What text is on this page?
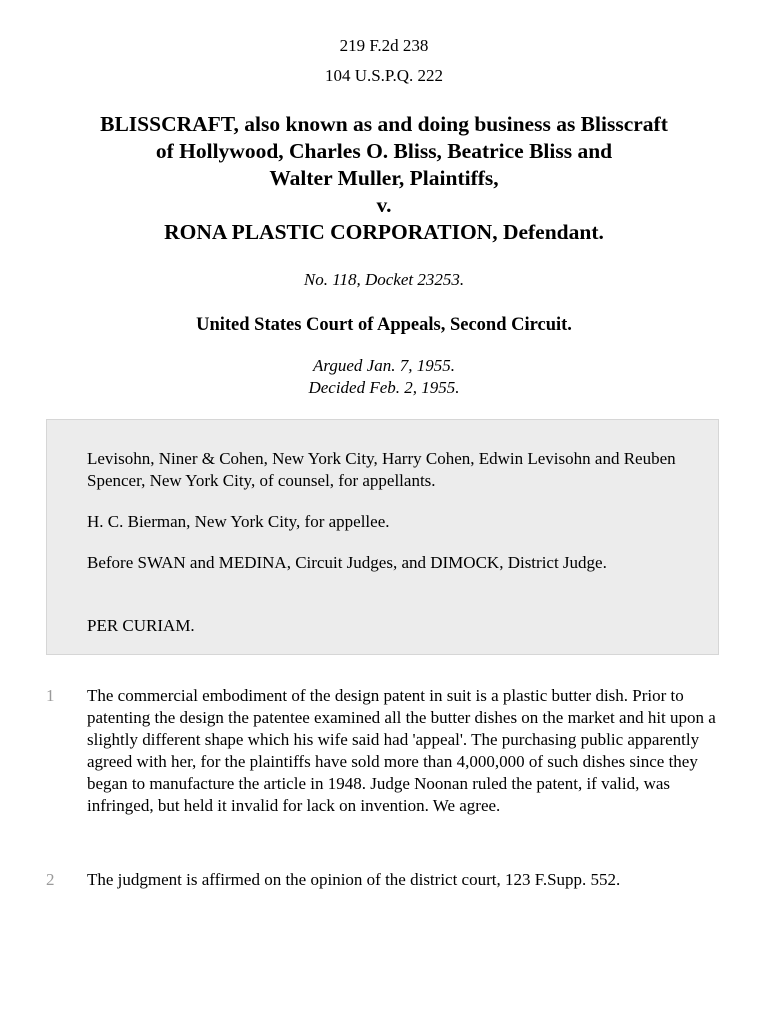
219 F.2d 238

104 U.S.P.Q. 222

BLISSCRAFT, also known as and doing business as Blisscraft
of Hollywood, Charles O. Bliss, Beatrice Bliss and
Walter Muller, Plaintiffs,
v.
RONA PLASTIC CORPORATION, Defendant.
No. 118, Docket 23253.
United States Court of Appeals, Second Circuit.
Argued Jan. 7, 1955.
Decided Feb. 2, 1955.

Levisohn, Niner & Cohen, New York City, Harry Cohen, Edwin Levisohn and Reuben Spencer, New York City, of counsel, for appellants.

H. C. Bierman, New York City, for appellee.

Before SWAN and MEDINA, Circuit Judges, and DIMOCK, District Judge.

PER CURIAM.

1	The commercial embodiment of the design patent in suit is a plastic butter dish. Prior to patenting the design the patentee examined all the butter dishes on the market and hit upon a slightly different shape which his wife said had 'appeal'. The purchasing public apparently agreed with her, for the plaintiffs have sold more than 4,000,000 of such dishes since they began to manufacture the article in 1948. Judge Noonan ruled the patent, if valid, was infringed, but held it invalid for lack on invention. We agree.

2	The judgment is affirmed on the opinion of the district court, 123 F.Supp. 552.
